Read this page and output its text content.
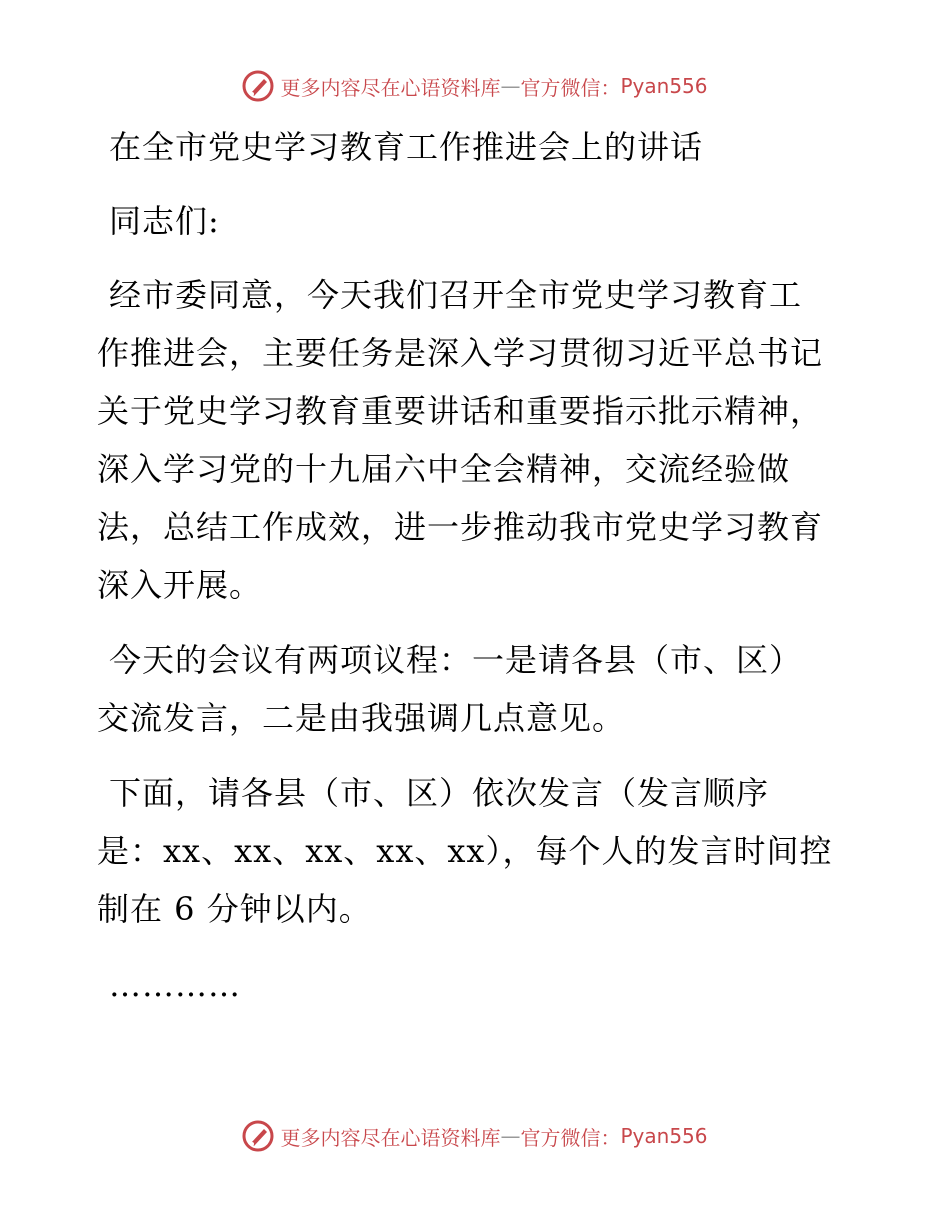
更多内容尽在心语资料库 — 官方微信： Pyan556
在全市党史学习教育工作推进会上的讲话
同志们:
经市委同意，今天我们召开全市党史学习教育工
作推进会，主要任务是深入学习贯彻习近平总书记
关于党史学习教育重要讲话和重要指示批示精神，
深入学习党的十九届六中全会精神，交流经验做
法，总结工作成效，进一步推动我市党史学习教育
深入开展。
今天的会议有两项议程：一是请各县（市、区）
交流发言，二是由我强调几点意见。
下面，请各县（市、区）依次发言（发言顺序
是：xx、xx、xx、xx、xx），每个人的发言时间控
制在 6 分钟以内。
…………
更多内容尽在心语资料库 — 官方微信： Pyan556
